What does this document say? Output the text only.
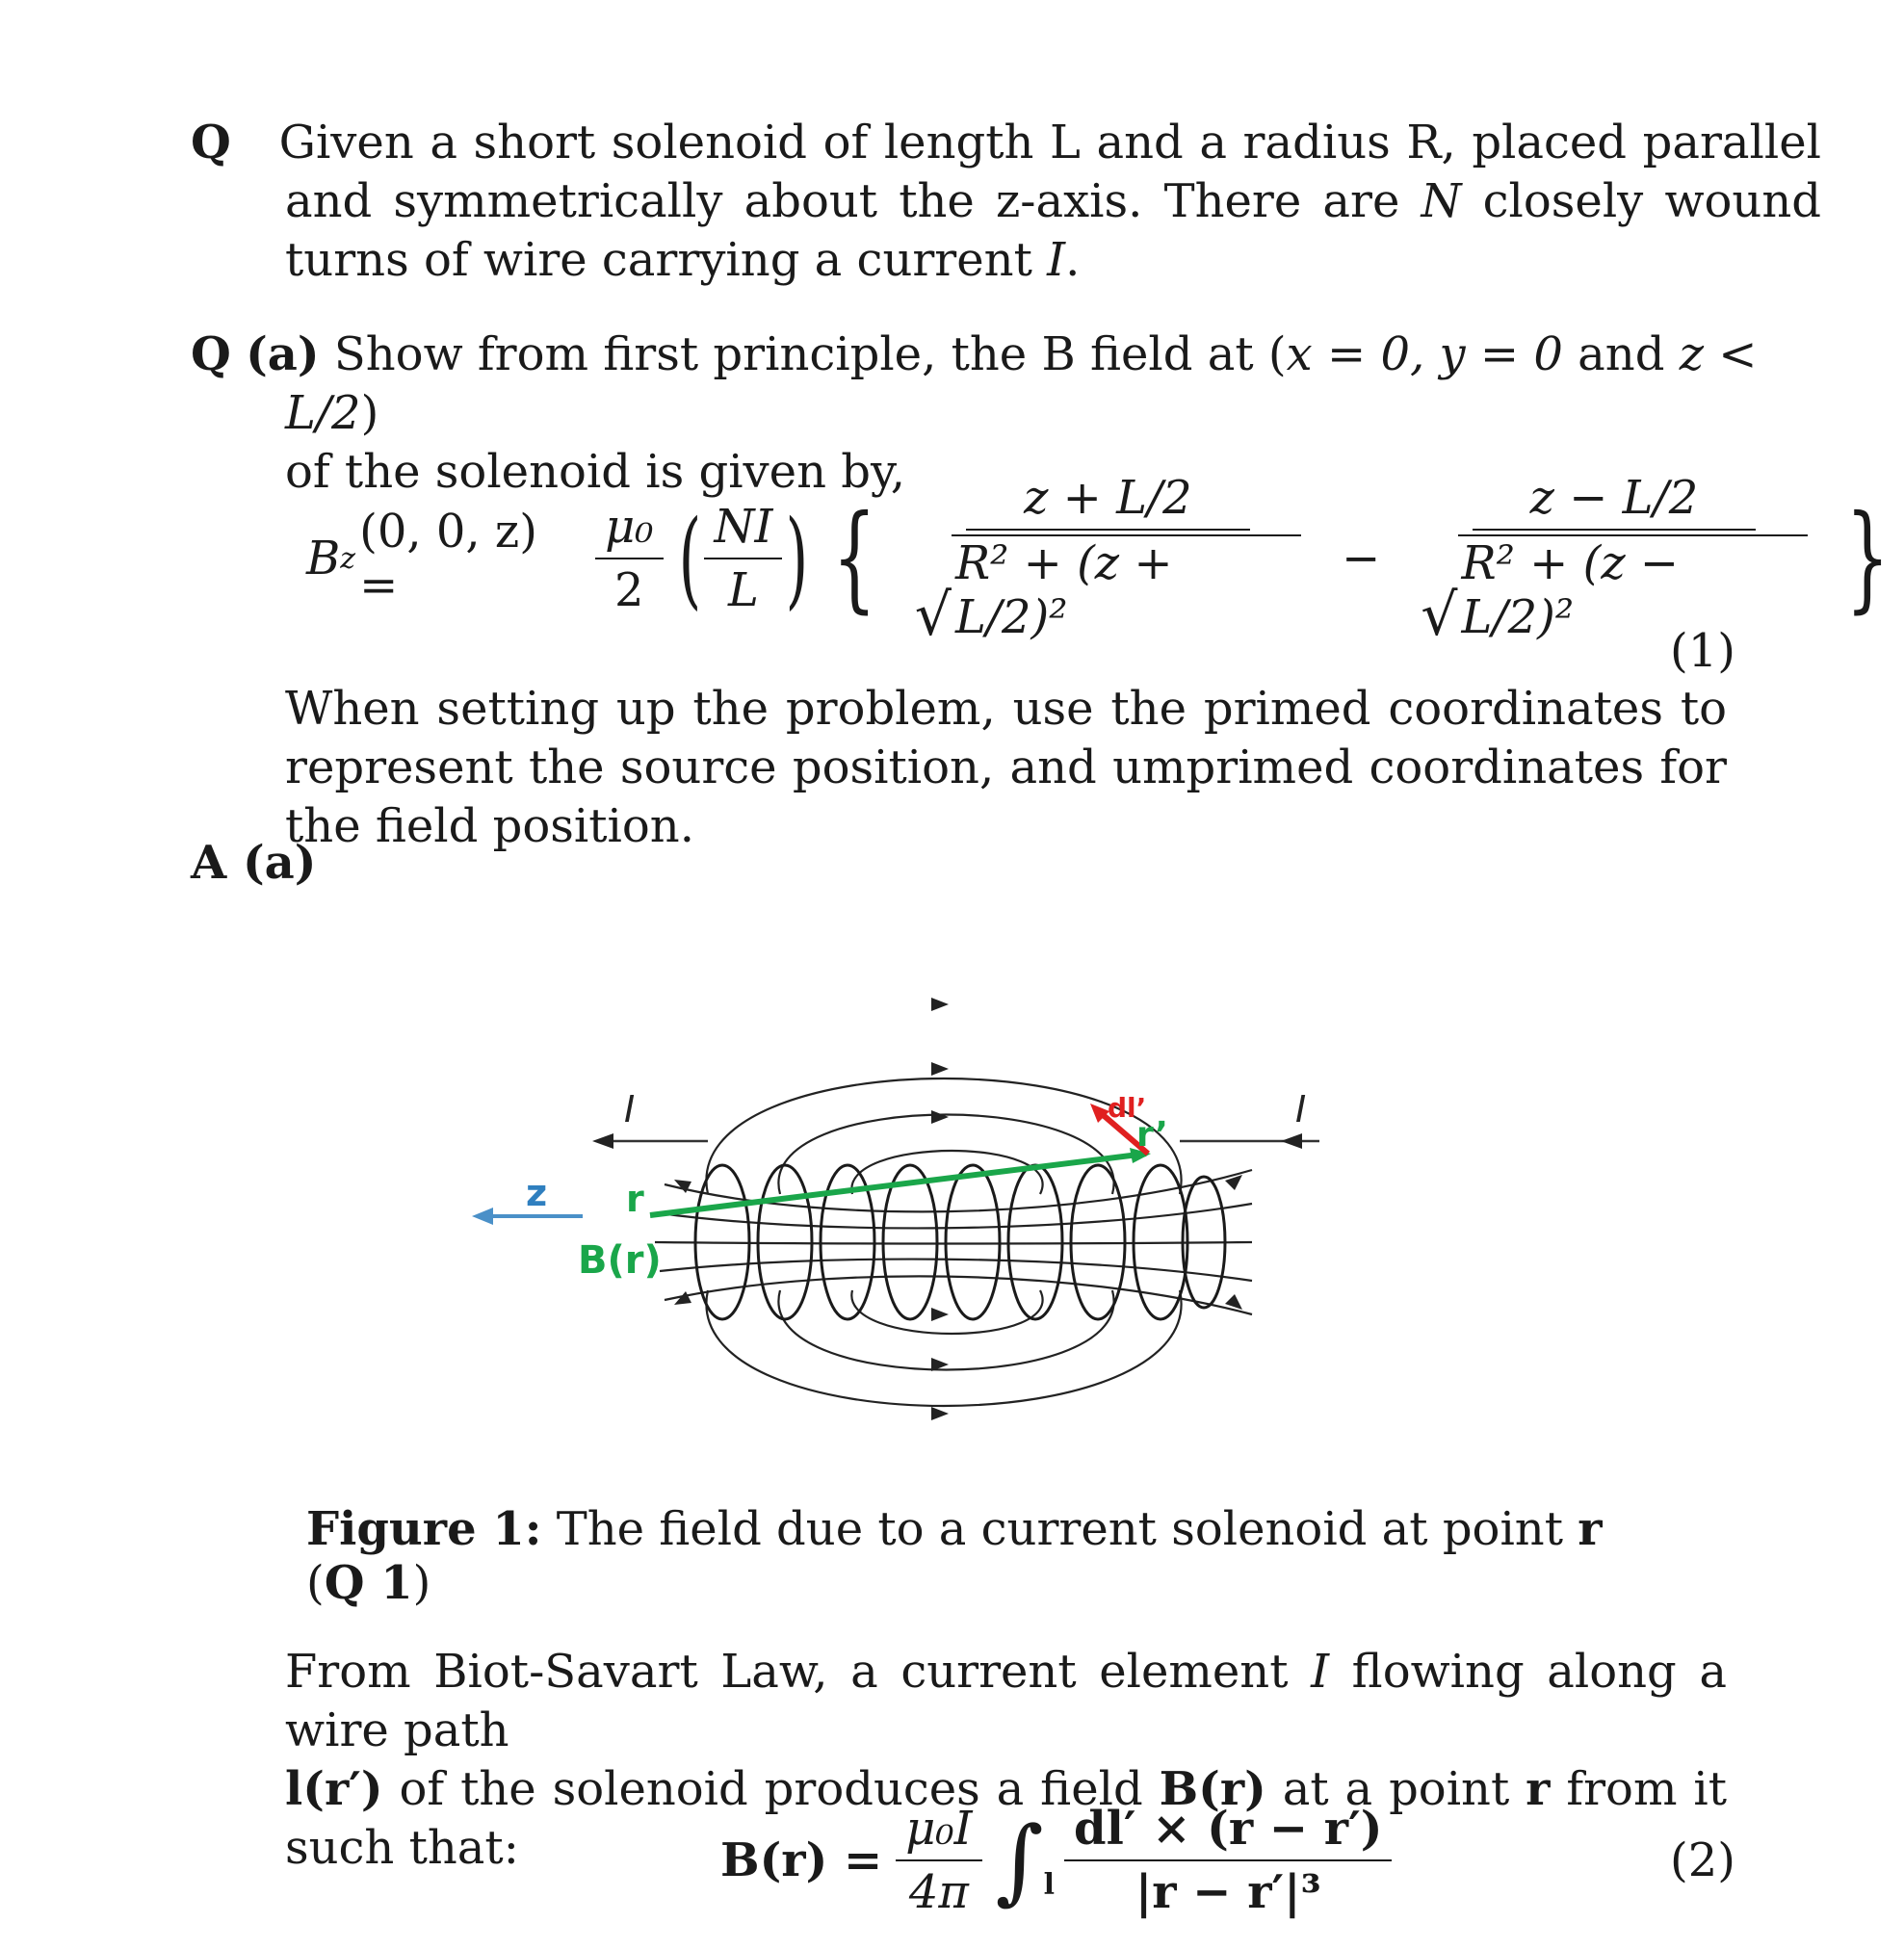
Q Given a short solenoid of length L and a radius R, placed parallel and symmetrically about the z-axis. There are N closely wound turns of wire carrying a current I.
Q (a) Show from first principle, the B field at (x = 0, y = 0 and z < L/2)
of the solenoid is given by,
B z (0, 0, z) =	$\frac{\text{μ₀}}{2}$ ( $\frac{NI}{L}$ ) { z + L/2
√
R² + (z + L/2)² − z − L/2
√
R² + (z − L/2)² }
(1)
When setting up the problem, use the primed coordinates to represent the source position, and umprimed coordinates for the field position.
A (a)
I	I
z r
B(r)
dl’
r’
Figure 1: The field due to a current solenoid at point r (Q 1)
From Biot-Savart Law, a current element I flowing along a wire path
l(r′) of the solenoid produces a field B(r) at a point r from it such that:	$B(r) = \frac{\text{μ₀I}}{4\pi} \int_l \frac{dl' \times (r - r')}{\text{|r − r′|³}}$	(2)
